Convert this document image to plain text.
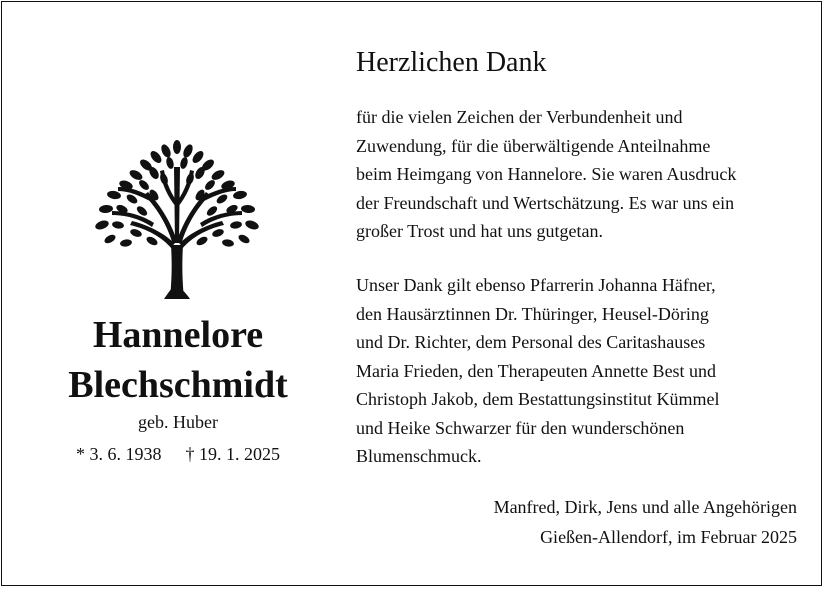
Hannelore
Blechschmidt
geb. Huber
* 3. 6. 1938 † 19. 1. 2025
Herzlichen Dank
für die vielen Zeichen der Verbundenheit und
Zuwendung, für die überwältigende Anteilnahme
beim Heimgang von Hannelore. Sie waren Ausdruck
der Freundschaft und Wertschätzung. Es war uns ein
großer Trost und hat uns gutgetan.
Unser Dank gilt ebenso Pfarrerin Johanna Häfner,
den Hausärztinnen Dr. Thüringer, Heusel-Döring
und Dr. Richter, dem Personal des Caritashauses
Maria Frieden, den Therapeuten Annette Best und
Christoph Jakob, dem Bestattungsinstitut Kümmel
und Heike Schwarzer für den wunderschönen
Blumenschmuck.
Manfred, Dirk, Jens und alle Angehörigen
Gießen-Allendorf, im Februar 2025
